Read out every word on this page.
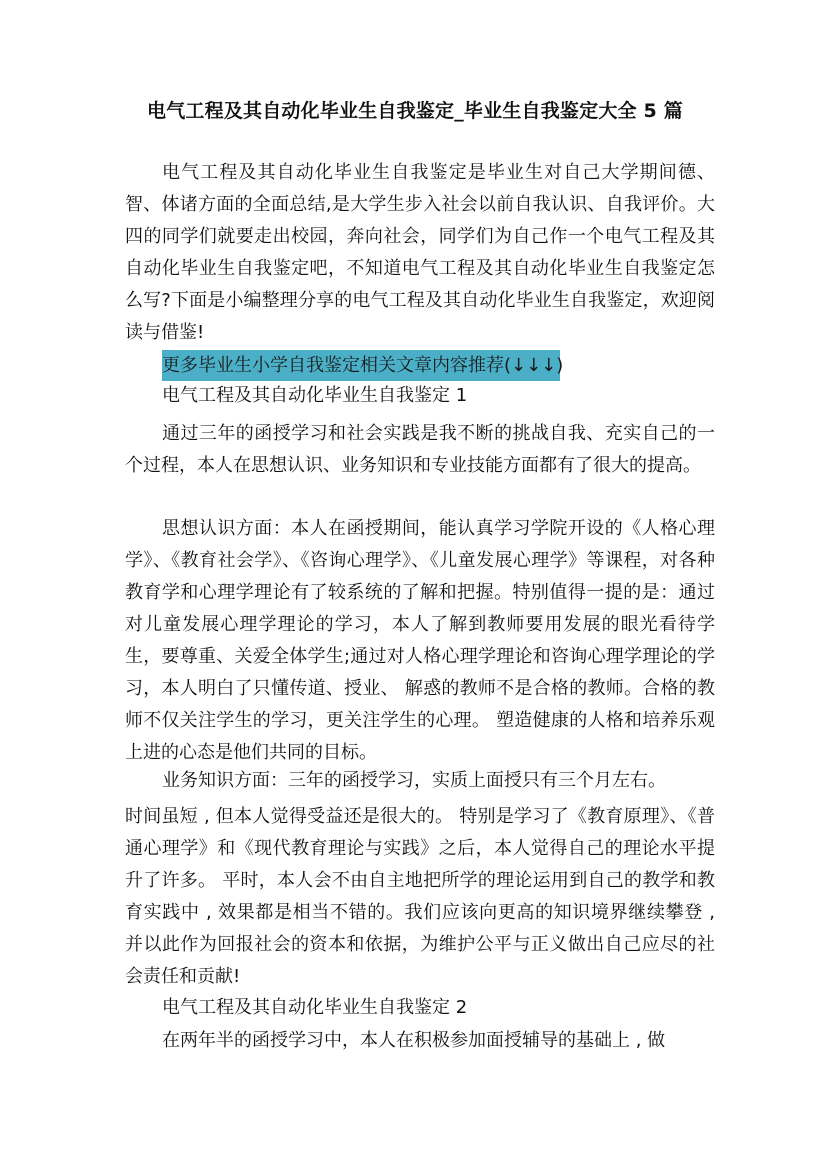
电气工程及其自动化毕业生自我鉴定_毕业生自我鉴定大全 5 篇

电气工程及其自动化毕业生自我鉴定是毕业生对自己大学期间德、智、体诸方面的全面总结,是大学生步入社会以前自我认识、自我评价。大四的同学们就要走出校园，奔向社会，同学们为自己作一个电气工程及其自动化毕业生自我鉴定吧，不知道电气工程及其自动化毕业生自我鉴定怎么写?下面是小编整理分享的电气工程及其自动化毕业生自我鉴定，欢迎阅读与借鉴!

更多毕业生小学自我鉴定相关文章内容推荐(↓↓↓)
电气工程及其自动化毕业生自我鉴定 1

通过三年的函授学习和社会实践是我不断的挑战自我、充实自己的一个过程，本人在思想认识、业务知识和专业技能方面都有了很大的提高。

思想认识方面：本人在函授期间，能认真学习学院开设的《人格心理学》、《教育社会学》、《咨询心理学》、《儿童发展心理学》等课程，对各种教育学和心理学理论有了较系统的了解和把握。特别值得一提的是：通过对儿童发展心理学理论的学习，本人了解到教师要用发展的眼光看待学生，要尊重、关爱全体学生;通过对人格心理学理论和咨询心理学理论的学习，本人明白了只懂传道、授业、 解惑的教师不是合格的教师。合格的教师不仅关注学生的学习，更关注学生的心理。 塑造健康的人格和培养乐观上进的心态是他们共同的目标。

业务知识方面：三年的函授学习，实质上面授只有三个月左右。

时间虽短 , 但本人觉得受益还是很大的。 特别是学习了《教育原理》、《普通心理学》和《现代教育理论与实践》之后，本人觉得自己的理论水平提升了许多。 平时，本人会不由自主地把所学的理论运用到自己的教学和教育实践中 , 效果都是相当不错的。我们应该向更高的知识境界继续攀登 , 并以此作为回报社会的资本和依据，为维护公平与正义做出自己应尽的社会责任和贡献!

电气工程及其自动化毕业生自我鉴定 2
在两年半的函授学习中，本人在积极参加面授辅导的基础上 , 做
